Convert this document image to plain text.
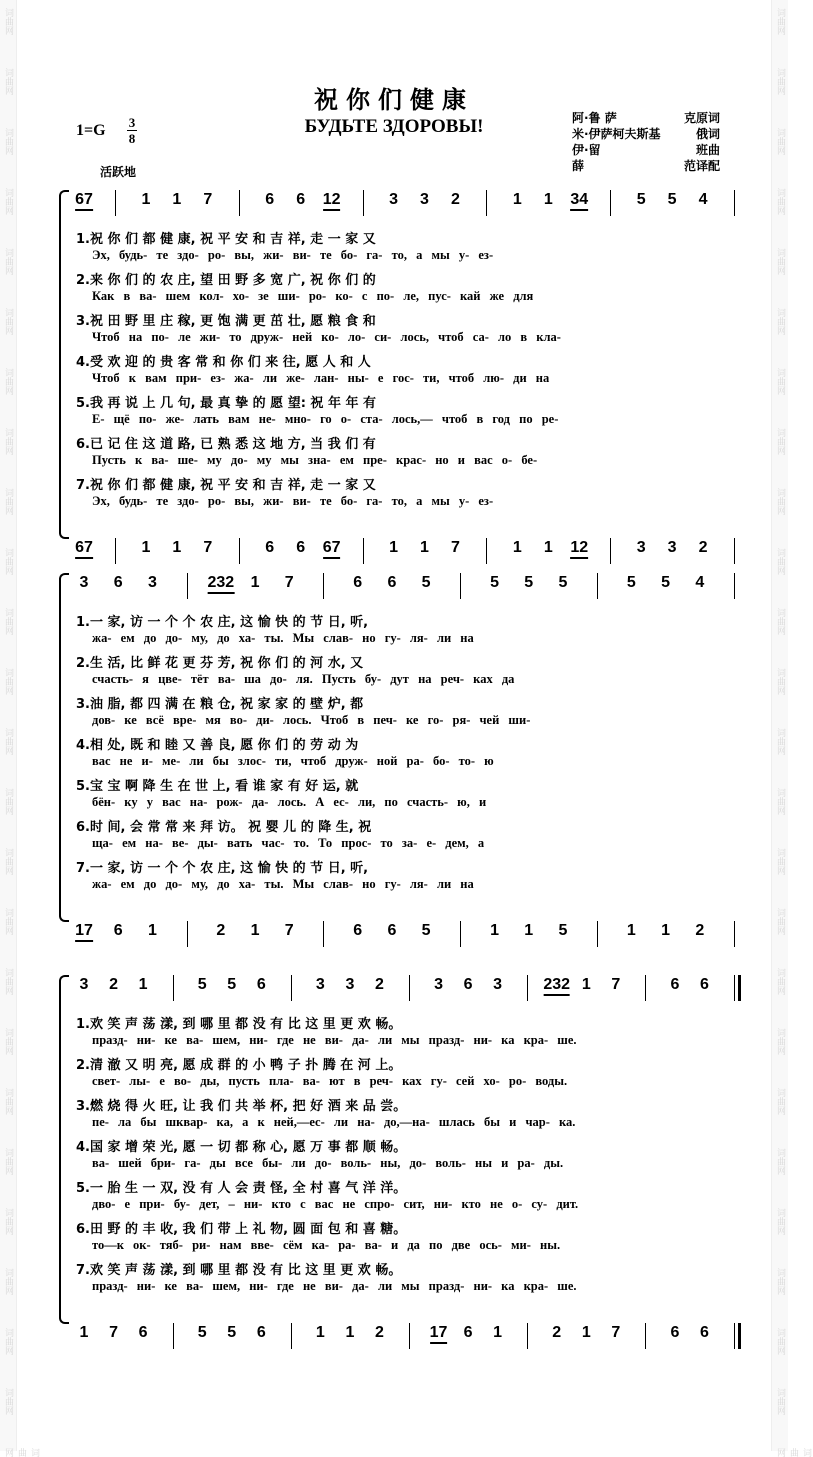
词曲网
词曲网
词曲网
词曲网
词曲网
词曲网
词曲网
词曲网
词曲网
词曲网
词曲网
词曲网
词曲网
词曲网
词曲网
词曲网
词曲网
词曲网
词曲网
词曲网
词曲网
词曲网
词曲网
词曲网
词曲网
词曲网
词曲网
词曲网
词曲网
词曲网
词曲网
词曲网
词曲网
词曲网
词曲网
词曲网
词曲网
词曲网
词曲网
词曲网
词曲网
词曲网
词曲网
词曲网
词曲网
词曲网
词曲网
词曲网
词曲网
词曲网
祝你们健康
БУДЬТЕ ЗДОРОВЫ!
1=G 3
8
活跃地
阿·鲁 萨	克原词
米·伊萨柯夫斯基	俄词
伊·留	班曲
薛	范译配
67	1 1 7	6 6 12	3 3 2	1 1 34	5 5 4
1.祝 你 们 都 健 康, 祝 平 安 和 吉 祥, 走 一 家 又
Эх, будь- те здо- ро- вы, жи- ви- те бо- га- то, а мы у- ез-
2.来 你 们 的 农 庄, 望 田 野 多 宽 广, 祝 你 们 的
Как в ва- шем кол- хо- зе ши- ро- ко- с по- ле, пус- кай же для
3.祝 田 野 里 庄 稼, 更 饱 满 更 茁 壮, 愿 粮 食 和
Чтоб на по- ле жи- то друж- ней ко- ло- си- лось, чтоб са- ло в кла-
4.受 欢 迎 的 贵 客 常 和 你 们 来 往, 愿 人 和 人
Чтоб к вам при- ез- жа- ли же- лан- ны- е гос- ти, чтоб лю- ди на
5.我 再 说 上 几 句, 最 真 挚 的 愿 望: 祝 年 年 有
Е- щё по- же- лать вам не- мно- го о- ста- лось,— чтоб в год по ре-
6.已 记 住 这 道 路, 已 熟 悉 这 地 方, 当 我 们 有
Пусть к ва- ше- му до- му мы зна- ем пре- крас- но и вас о- бе-
7.祝 你 们 都 健 康, 祝 平 安 和 吉 祥, 走 一 家 又
Эх, будь- те здо- ро- вы, жи- ви- те бо- га- то, а мы у- ез-
67	1 1 7	6 6 67	1 1 7	1 1 12	3 3 2
3 6 3	232 1 7	6 6 5	5 5 5	5 5 4
1.一 家, 访 一 个 个 农 庄, 这 愉 快 的 节 日, 听,
жа- ем до до- му, до ха- ты. Мы слав- но гу- ля- ли на
2.生 活, 比 鲜 花 更 芬 芳, 祝 你 们 的 河 水, 又
счасть- я цве- тёт ва- ша до- ля. Пусть бу- дут на реч- ках да
3.油 脂, 都 四 满 在 粮 仓, 祝 家 家 的 壁 炉, 都
дов- ке всё вре- мя во- ди- лось. Чтоб в печ- ке го- ря- чей ши-
4.相 处, 既 和 睦 又 善 良, 愿 你 们 的 劳 动 为
вас не и- ме- ли бы злос- ти, чтоб друж- ной ра- бо- то- ю
5.宝 宝 啊 降 生 在 世 上, 看 谁 家 有 好 运, 就
бён- ку у вас на- рож- да- лось. А ес- ли, по счасть- ю, и
6.时 间, 会 常 常 来 拜 访。 祝 婴 儿 的 降 生, 祝
ща- ем на- ве- ды- вать час- то. То прос- то за- е- дем, а
7.一 家, 访 一 个 个 农 庄, 这 愉 快 的 节 日, 听,
жа- ем до до- му, до ха- ты. Мы слав- но гу- ля- ли на
17 6 1	2 1 7	6 6 5	1 1 5	1 1 2
3 2 1	5 5 6	3 3 2	3 6 3	232 1 7	6 6
1.欢 笑 声 荡 漾, 到 哪 里 都 没 有 比 这 里 更 欢 畅。
празд- ни- ке ва- шем, ни- где не ви- да- ли мы празд- ни- ка кра- ше.
2.清 澈 又 明 亮, 愿 成 群 的 小 鸭 子 扑 腾 在 河 上。
свет- лы- е во- ды, пусть пла- ва- ют в реч- ках гу- сей хо- ро- воды.
3.燃 烧 得 火 旺, 让 我 们 共 举 杯, 把 好 酒 来 品 尝。
пе- ла бы шквар- ка, а к ней,—ес- ли на- до,—на- шлась бы и чар- ка.
4.国 家 增 荣 光, 愿 一 切 都 称 心, 愿 万 事 都 顺 畅。
ва- шей бри- га- ды все бы- ли до- воль- ны, до- воль- ны и ра- ды.
5.一 胎 生 一 双, 没 有 人 会 责 怪, 全 村 喜 气 洋 洋。
дво- е при- бу- дет, – ни- кто с вас не спро- сит, ни- кто не о- су- дит.
6.田 野 的 丰 收, 我 们 带 上 礼 物, 圆 面 包 和 喜 糖。
то—к ок- тяб- ри- нам вве- сём ка- ра- ва- и да по две ось- ми- ны.
7.欢 笑 声 荡 漾, 到 哪 里 都 没 有 比 这 里 更 欢 畅。
празд- ни- ке ва- шем, ни- где не ви- да- ли мы празд- ни- ка кра- ше.
1 7 6	5 5 6	1 1 2	17 6 1	2 1 7	6 6
